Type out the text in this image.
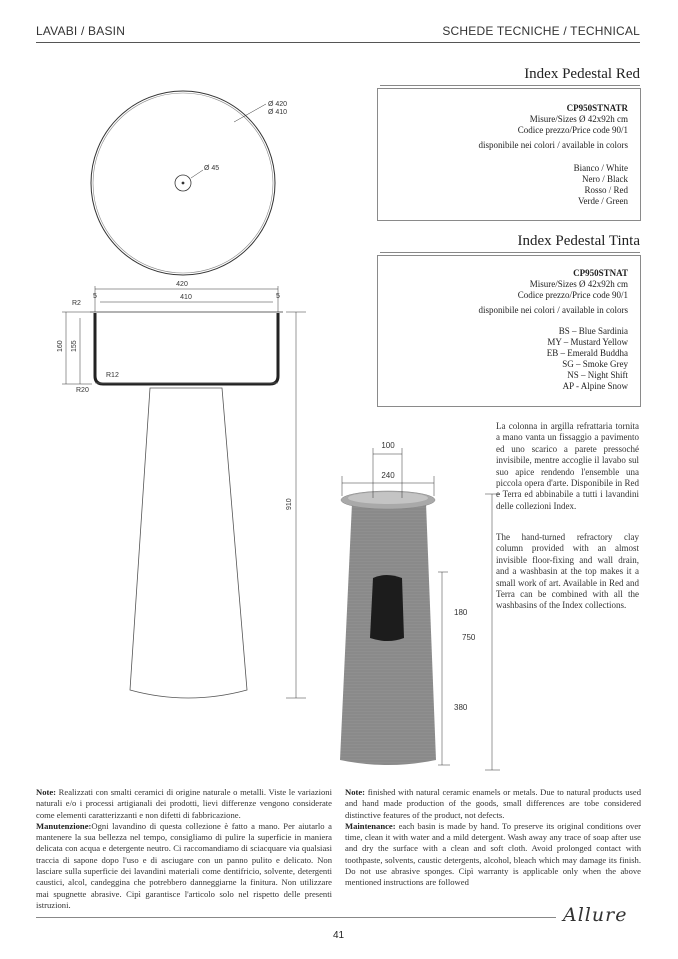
LAVABI / BASIN	SCHEDE TECNICHE / TECHNICAL
Index Pedestal Red
CP950STNATR
Misure/Sizes Ø 42x92h cm
Codice prezzo/Price code 90/1
disponibile nei colori / available in colors
Bianco / White
Nero / Black
Rosso / Red
Verde / Green
Index Pedestal Tinta
CP950STNAT
Misure/Sizes Ø 42x92h cm
Codice prezzo/Price code 90/1
disponibile nei colori / available in colors
BS – Blue Sardinia
MY – Mustard Yellow
EB – Emerald Buddha
SG – Smoke Grey
NS – Night Shift
AP - Alpine Snow
Ø 420
Ø 410
Ø 45
420
410
5	5
R2
160 155
R12
R20
910
100
240
180
750
380
La colonna in argilla refrattaria tornita a mano vanta un fissaggio a pavimento ed uno scarico a parete pressoché invisibile, mentre accoglie il lavabo sul suo apice rendendo l'ensemble una piccola opera d'arte. Disponibile in Red e Terra ed abbinabile a tutti i lavandini delle collezioni Index.
The hand-turned refractory clay column provided with an almost invisible floor-fixing and wall drain, and a washbasin at the top makes it a small work of art. Available in Red and Terra can be combined with all the washbasins of the Index collections.
Note: Realizzati con smalti ceramici di origine naturale o metalli. Viste le variazioni naturali e/o i processi artigianali dei prodotti, lievi differenze vengono considerate come elementi caratterizzanti e non difetti di fabbricazione.
Manutenzione:Ogni lavandino di questa collezione è fatto a mano. Per aiutarlo a mantenere la sua bellezza nel tempo, consigliamo di pulire la superficie in maniera delicata con acqua e detergente neutro. Ci raccomandiamo di sciacquare via qualsiasi traccia di sapone dopo l'uso e di asciugare con un panno pulito e delicato. Non lasciare sulla superficie dei lavandini materiali come dentifricio, solvente, detergenti caustici, alcol, candeggina che potrebbero danneggiarne la finitura. Non utilizzare mai spugnette abrasive. Cipì garantisce l'articolo solo nel rispetto delle presenti istruzioni.
Note: finished with natural ceramic enamels or metals. Due to natural products used and hand made production of the goods, small differences are tobe considered distinctive features of the product, not defects.
Maintenance: each basin is made by hand. To preserve its original conditions over time, clean it with water and a mild detergent. Wash away any trace of soap after use and dry the surface with a clean and soft cloth. Avoid prolonged contact with toothpaste, solvents, caustic detergents, alcohol, bleach which may damage its finish. Do not use abrasive sponges. Cipì warranty is applicable only when the above mentioned instructions are followed
Allure
41
